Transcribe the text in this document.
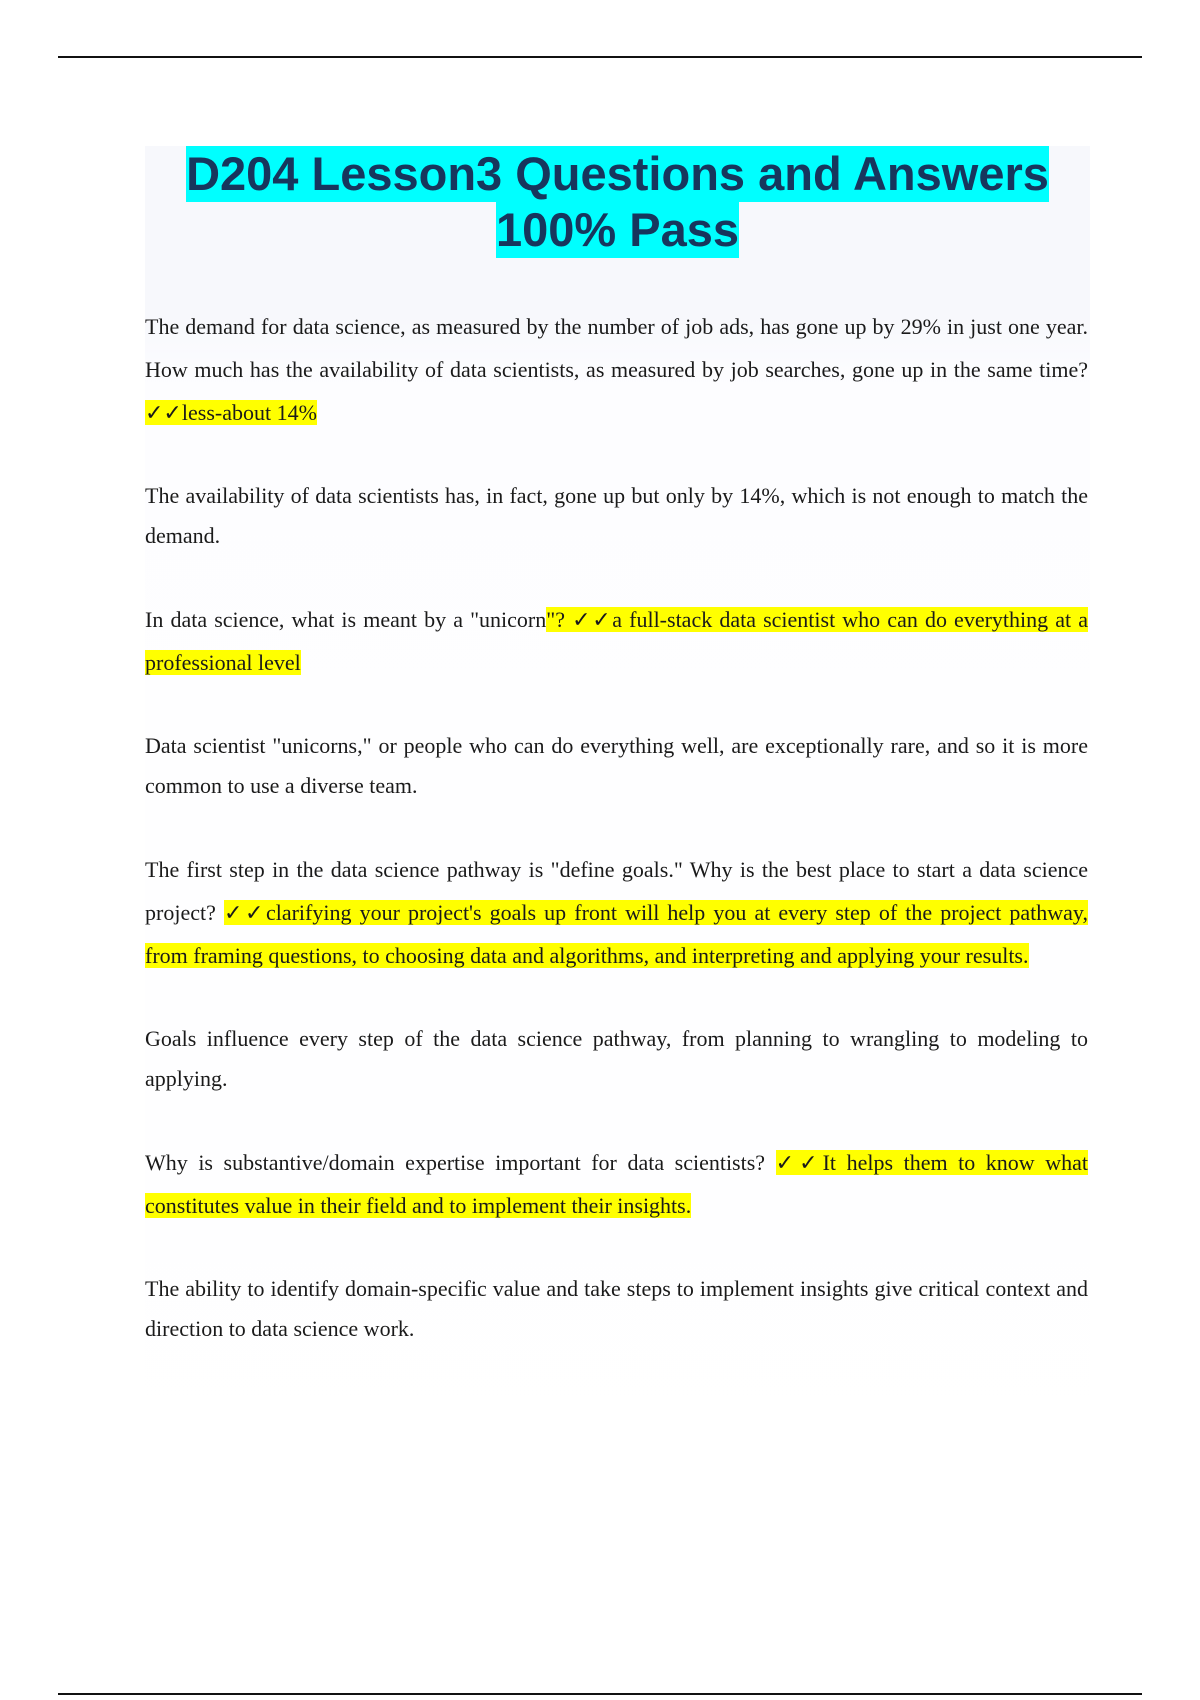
D204 Lesson3 Questions and Answers
100% Pass

The demand for data science, as measured by the number of job ads, has gone up by 29% in just one year. How much has the availability of data scientists, as measured by job searches, gone up in the same time? ✓✓less-about 14%

The availability of data scientists has, in fact, gone up but only by 14%, which is not enough to match the demand.

In data science, what is meant by a "unicorn"? ✓✓a full-stack data scientist who can do everything at a professional level

Data scientist "unicorns," or people who can do everything well, are exceptionally rare, and so it is more common to use a diverse team.

The first step in the data science pathway is "define goals." Why is the best place to start a data science project? ✓✓clarifying your project's goals up front will help you at every step of the project pathway, from framing questions, to choosing data and algorithms, and interpreting and applying your results.

Goals influence every step of the data science pathway, from planning to wrangling to modeling to applying.

Why is substantive/domain expertise important for data scientists? ✓✓It helps them to know what constitutes value in their field and to implement their insights.

The ability to identify domain-specific value and take steps to implement insights give critical context and direction to data science work.
